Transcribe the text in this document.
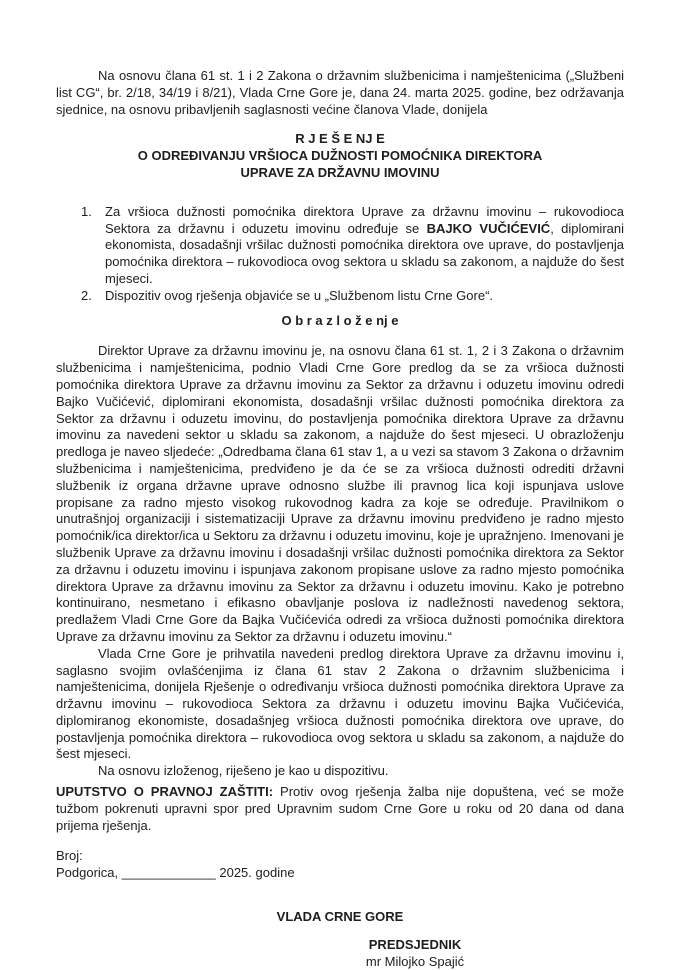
Na osnovu člana 61 st. 1 i 2 Zakona o državnim službenicima i namještenicima („Službeni list CG“, br. 2/18, 34/19 i 8/21), Vlada Crne Gore je, dana 24. marta 2025. godine, bez održavanja sjednice, na osnovu pribavljenih saglasnosti većine članova Vlade, donijela

R J E Š E NJ E
O ODREĐIVANJU VRŠIOCA DUŽNOSTI POMOĆNIKA DIREKTORA
UPRAVE ZA DRŽAVNU IMOVINU
1.	Za vršioca dužnosti pomoćnika direktora Uprave za državnu imovinu – rukovodioca Sektora za državnu i oduzetu imovinu određuje se BAJKO VUČIĆEVIĆ, diplomirani ekonomista, dosadašnji vršilac dužnosti pomoćnika direktora ove uprave, do postavljenja pomoćnika direktora – rukovodioca ovog sektora u skladu sa zakonom, a najduže do šest mjeseci.

2.	Dispozitiv ovog rješenja objaviće se u „Službenom listu Crne Gore“.

O b r a z l o ž e nj e

Direktor Uprave za državnu imovinu je, na osnovu člana 61 st. 1, 2 i 3 Zakona o državnim službenicima i namještenicima, podnio Vladi Crne Gore predlog da se za vršioca dužnosti pomoćnika direktora Uprave za državnu imovinu za Sektor za državnu i oduzetu imovinu odredi Bajko Vučićević, diplomirani ekonomista, dosadašnji vršilac dužnosti pomoćnika direktora za Sektor za državnu i oduzetu imovinu, do postavljenja pomoćnika direktora Uprave za državnu imovinu za navedeni sektor u skladu sa zakonom, a najduže do šest mjeseci. U obrazloženju predloga je naveo sljedeće: „Odredbama člana 61 stav 1, a u vezi sa stavom 3 Zakona o državnim službenicima i namještenicima, predviđeno je da će se za vršioca dužnosti odrediti državni službenik iz organa državne uprave odnosno službe ili pravnog lica koji ispunjava uslove propisane za radno mjesto visokog rukovodnog kadra za koje se određuje. Pravilnikom o unutrašnjoj organizaciji i sistematizaciji Uprave za državnu imovinu predviđeno je radno mjesto pomoćnik/ica direktor/ica u Sektoru za državnu i oduzetu imovinu, koje je upražnjeno. Imenovani je službenik Uprave za državnu imovinu i dosadašnji vršilac dužnosti pomoćnika direktora za Sektor za državnu i oduzetu imovinu i ispunjava zakonom propisane uslove za radno mjesto pomoćnika direktora Uprave za državnu imovinu za Sektor za državnu i oduzetu imovinu. Kako je potrebno kontinuirano, nesmetano i efikasno obavljanje poslova iz nadležnosti navedenog sektora, predlažem Vladi Crne Gore da Bajka Vučićevića odredi za vršioca dužnosti pomoćnika direktora Uprave za državnu imovinu za Sektor za državnu i oduzetu imovinu.“

Vlada Crne Gore je prihvatila navedeni predlog direktora Uprave za državnu imovinu i, saglasno svojim ovlašćenjima iz člana 61 stav 2 Zakona o državnim službenicima i namještenicima, donijela Rješenje o određivanju vršioca dužnosti pomoćnika direktora Uprave za državnu imovinu – rukovodioca Sektora za državnu i oduzetu imovinu Bajka Vučićevića, diplomiranog ekonomiste, dosadašnjeg vršioca dužnosti pomoćnika direktora ove uprave, do postavljenja pomoćnika direktora – rukovodioca ovog sektora u skladu sa zakonom, a najduže do šest mjeseci.

Na osnovu izloženog, riješeno je kao u dispozitivu.

UPUTSTVO O PRAVNOJ ZAŠTITI: Protiv ovog rješenja žalba nije dopuštena, već se može tužbom pokrenuti upravni spor pred Upravnim sudom Crne Gore u roku od 20 dana od dana prijema rješenja.

Broj:

Podgorica, _____________ 2025. godine

VLADA CRNE GORE
PREDSJEDNIK
mr Milojko Spajić
